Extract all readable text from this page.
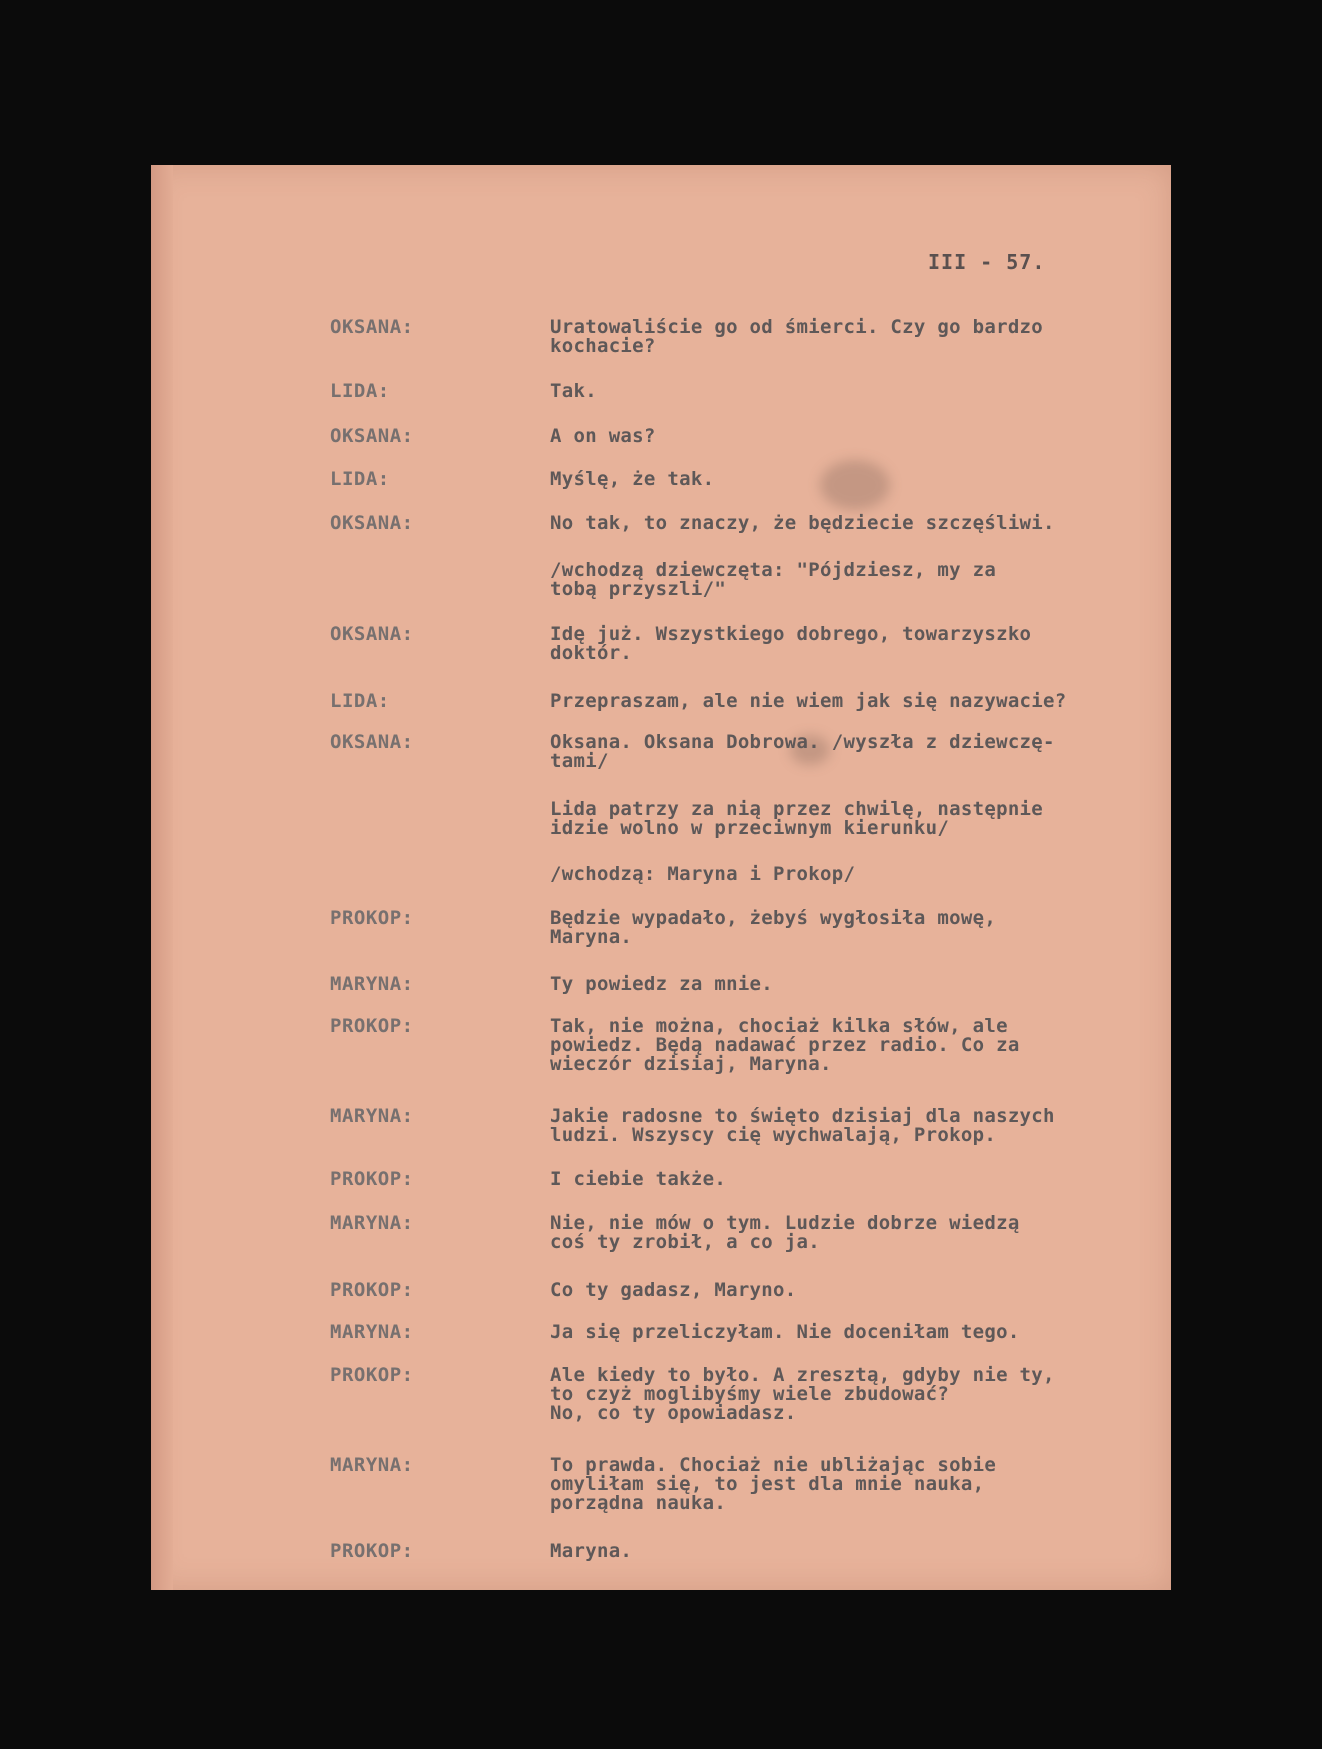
III - 57.
OKSANA:	Uratowaliście go od śmierci. Czy go bardzo
kochacie?
LIDA:	Tak.
OKSANA:	A on was?
LIDA:	Myślę, że tak.
OKSANA:	No tak, to znaczy, że będziecie szczęśliwi.
/wchodzą dziewczęta: "Pójdziesz, my za
tobą przyszli/"
OKSANA:	Idę już. Wszystkiego dobrego, towarzyszko
doktór.
LIDA:	Przepraszam, ale nie wiem jak się nazywacie?
OKSANA:	Oksana. Oksana Dobrowa. /wyszła z dziewczę-
tami/
Lida patrzy za nią przez chwilę, następnie
idzie wolno w przeciwnym kierunku/
/wchodzą: Maryna i Prokop/
PROKOP:	Będzie wypadało, żebyś wygłosiła mowę,
Maryna.
MARYNA:	Ty powiedz za mnie.
PROKOP:	Tak, nie można, chociaż kilka słów, ale
powiedz. Będą nadawać przez radio. Co za
wieczór dzisiaj, Maryna.
MARYNA:	Jakie radosne to święto dzisiaj dla naszych
ludzi. Wszyscy cię wychwalają, Prokop.
PROKOP:	I ciebie także.
MARYNA:	Nie, nie mów o tym. Ludzie dobrze wiedzą
coś ty zrobił, a co ja.
PROKOP:	Co ty gadasz, Maryno.
MARYNA:	Ja się przeliczyłam. Nie doceniłam tego.
PROKOP:	Ale kiedy to było. A zresztą, gdyby nie ty,
to czyż moglibyśmy wiele zbudować?
No, co ty opowiadasz.
MARYNA:	To prawda. Chociaż nie ubliżając sobie
omyliłam się, to jest dla mnie nauka,
porządna nauka.
PROKOP:	Maryna.
